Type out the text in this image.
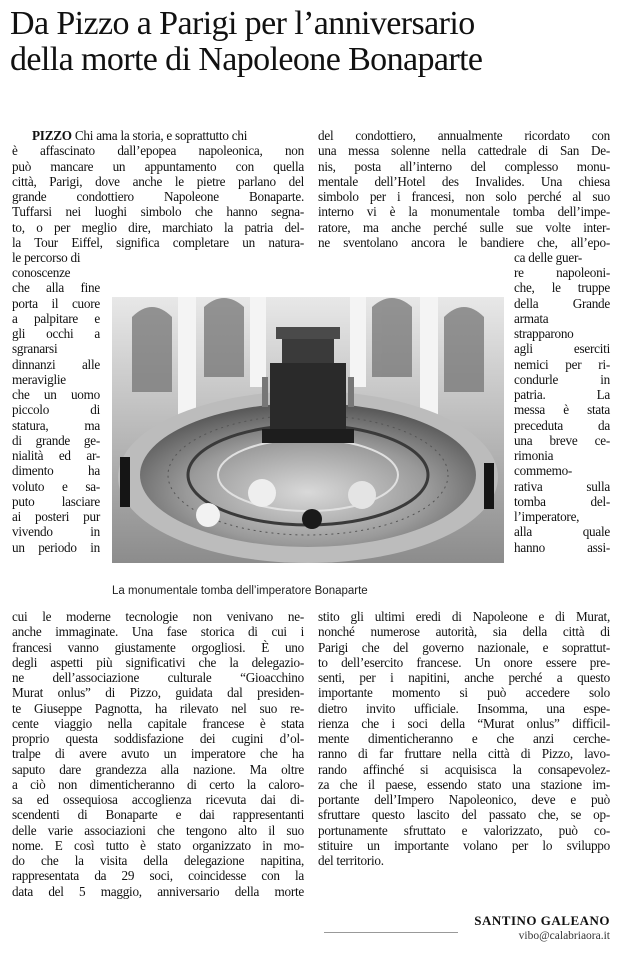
Da Pizzo a Parigi per l’anniversario
della morte di Napoleone Bonaparte
PIZZO Chi ama la storia, e soprattutto chi
è affascinato dall’epopea napoleonica, non
può mancare un appuntamento con quella
città, Parigi, dove anche le pietre parlano del
grande condottiero Napoleone Bonaparte.
Tuffarsi nei luoghi simbolo che hanno segna-
to, o per meglio dire, marchiato la patria del-
la Tour Eiffel, significa completare un natura-
le percorso di
conoscenze
che alla fine
porta il cuore
a palpitare e
gli occhi a
sgranarsi
dinnanzi alle
meraviglie
che un uomo
piccolo di
statura, ma
di grande ge-
nialità ed ar-
dimento ha
voluto e sa-
puto lasciare
ai posteri pur
vivendo in
un periodo in
cui le moderne tecnologie non venivano ne-
anche immaginate. Una fase storica di cui i
francesi vanno giustamente orgogliosi. È uno
degli aspetti più significativi che la delegazio-
ne dell’associazione culturale “Gioacchino
Murat onlus” di Pizzo, guidata dal presiden-
te Giuseppe Pagnotta, ha rilevato nel suo re-
cente viaggio nella capitale francese è stata
proprio questa soddisfazione dei cugini d’ol-
tralpe di avere avuto un imperatore che ha
saputo dare grandezza alla nazione. Ma oltre
a ciò non dimenticheranno di certo la caloro-
sa ed ossequiosa accoglienza ricevuta dai di-
scendenti di Bonaparte e dai rappresentanti
delle varie associazioni che tengono alto il suo
nome. E così tutto è stato organizzato in mo-
do che la visita della delegazione napitina,
rappresentata da 29 soci, coincidesse con la
data del 5 maggio, anniversario della morte
del condottiero, annualmente ricordato con
una messa solenne nella cattedrale di San De-
nis, posta all’interno del complesso monu-
mentale dell’Hotel des Invalides. Una chiesa
simbolo per i francesi, non solo perché al suo
interno vi è la monumentale tomba dell’impe-
ratore, ma anche perché sulle sue volte inter-
ne sventolano ancora le bandiere che, all’epo-
ca delle guer-
re napoleoni-
che, le truppe
della Grande
armata
strapparono
agli eserciti
nemici per ri-
condurle in
patria. La
messa è stata
preceduta da
una breve ce-
rimonia
commemo-
rativa sulla
tomba del-
l’imperatore,
alla quale
hanno assi-
stito gli ultimi eredi di Napoleone e di Murat,
nonché numerose autorità, sia della città di
Parigi che del governo nazionale, e soprattut-
to dell’esercito francese. Un onore essere pre-
senti, per i napitini, anche perché a questo
importante momento si può accedere solo
dietro invito ufficiale. Insomma, una espe-
rienza che i soci della “Murat onlus” difficil-
mente dimenticheranno e che anzi cerche-
ranno di far fruttare nella città di Pizzo, lavo-
rando affinché si acquisisca la consapevolez-
za che il paese, essendo stato una stazione im-
portante dell’Impero Napoleonico, deve e può
sfruttare questo lascito del passato che, se op-
portunamente sfruttato e valorizzato, può co-
stituire un importante volano per lo sviluppo
del territorio.
La monumentale tomba dell’imperatore Bonaparte
SANTINO GALEANO
vibo@calabriaora.it
